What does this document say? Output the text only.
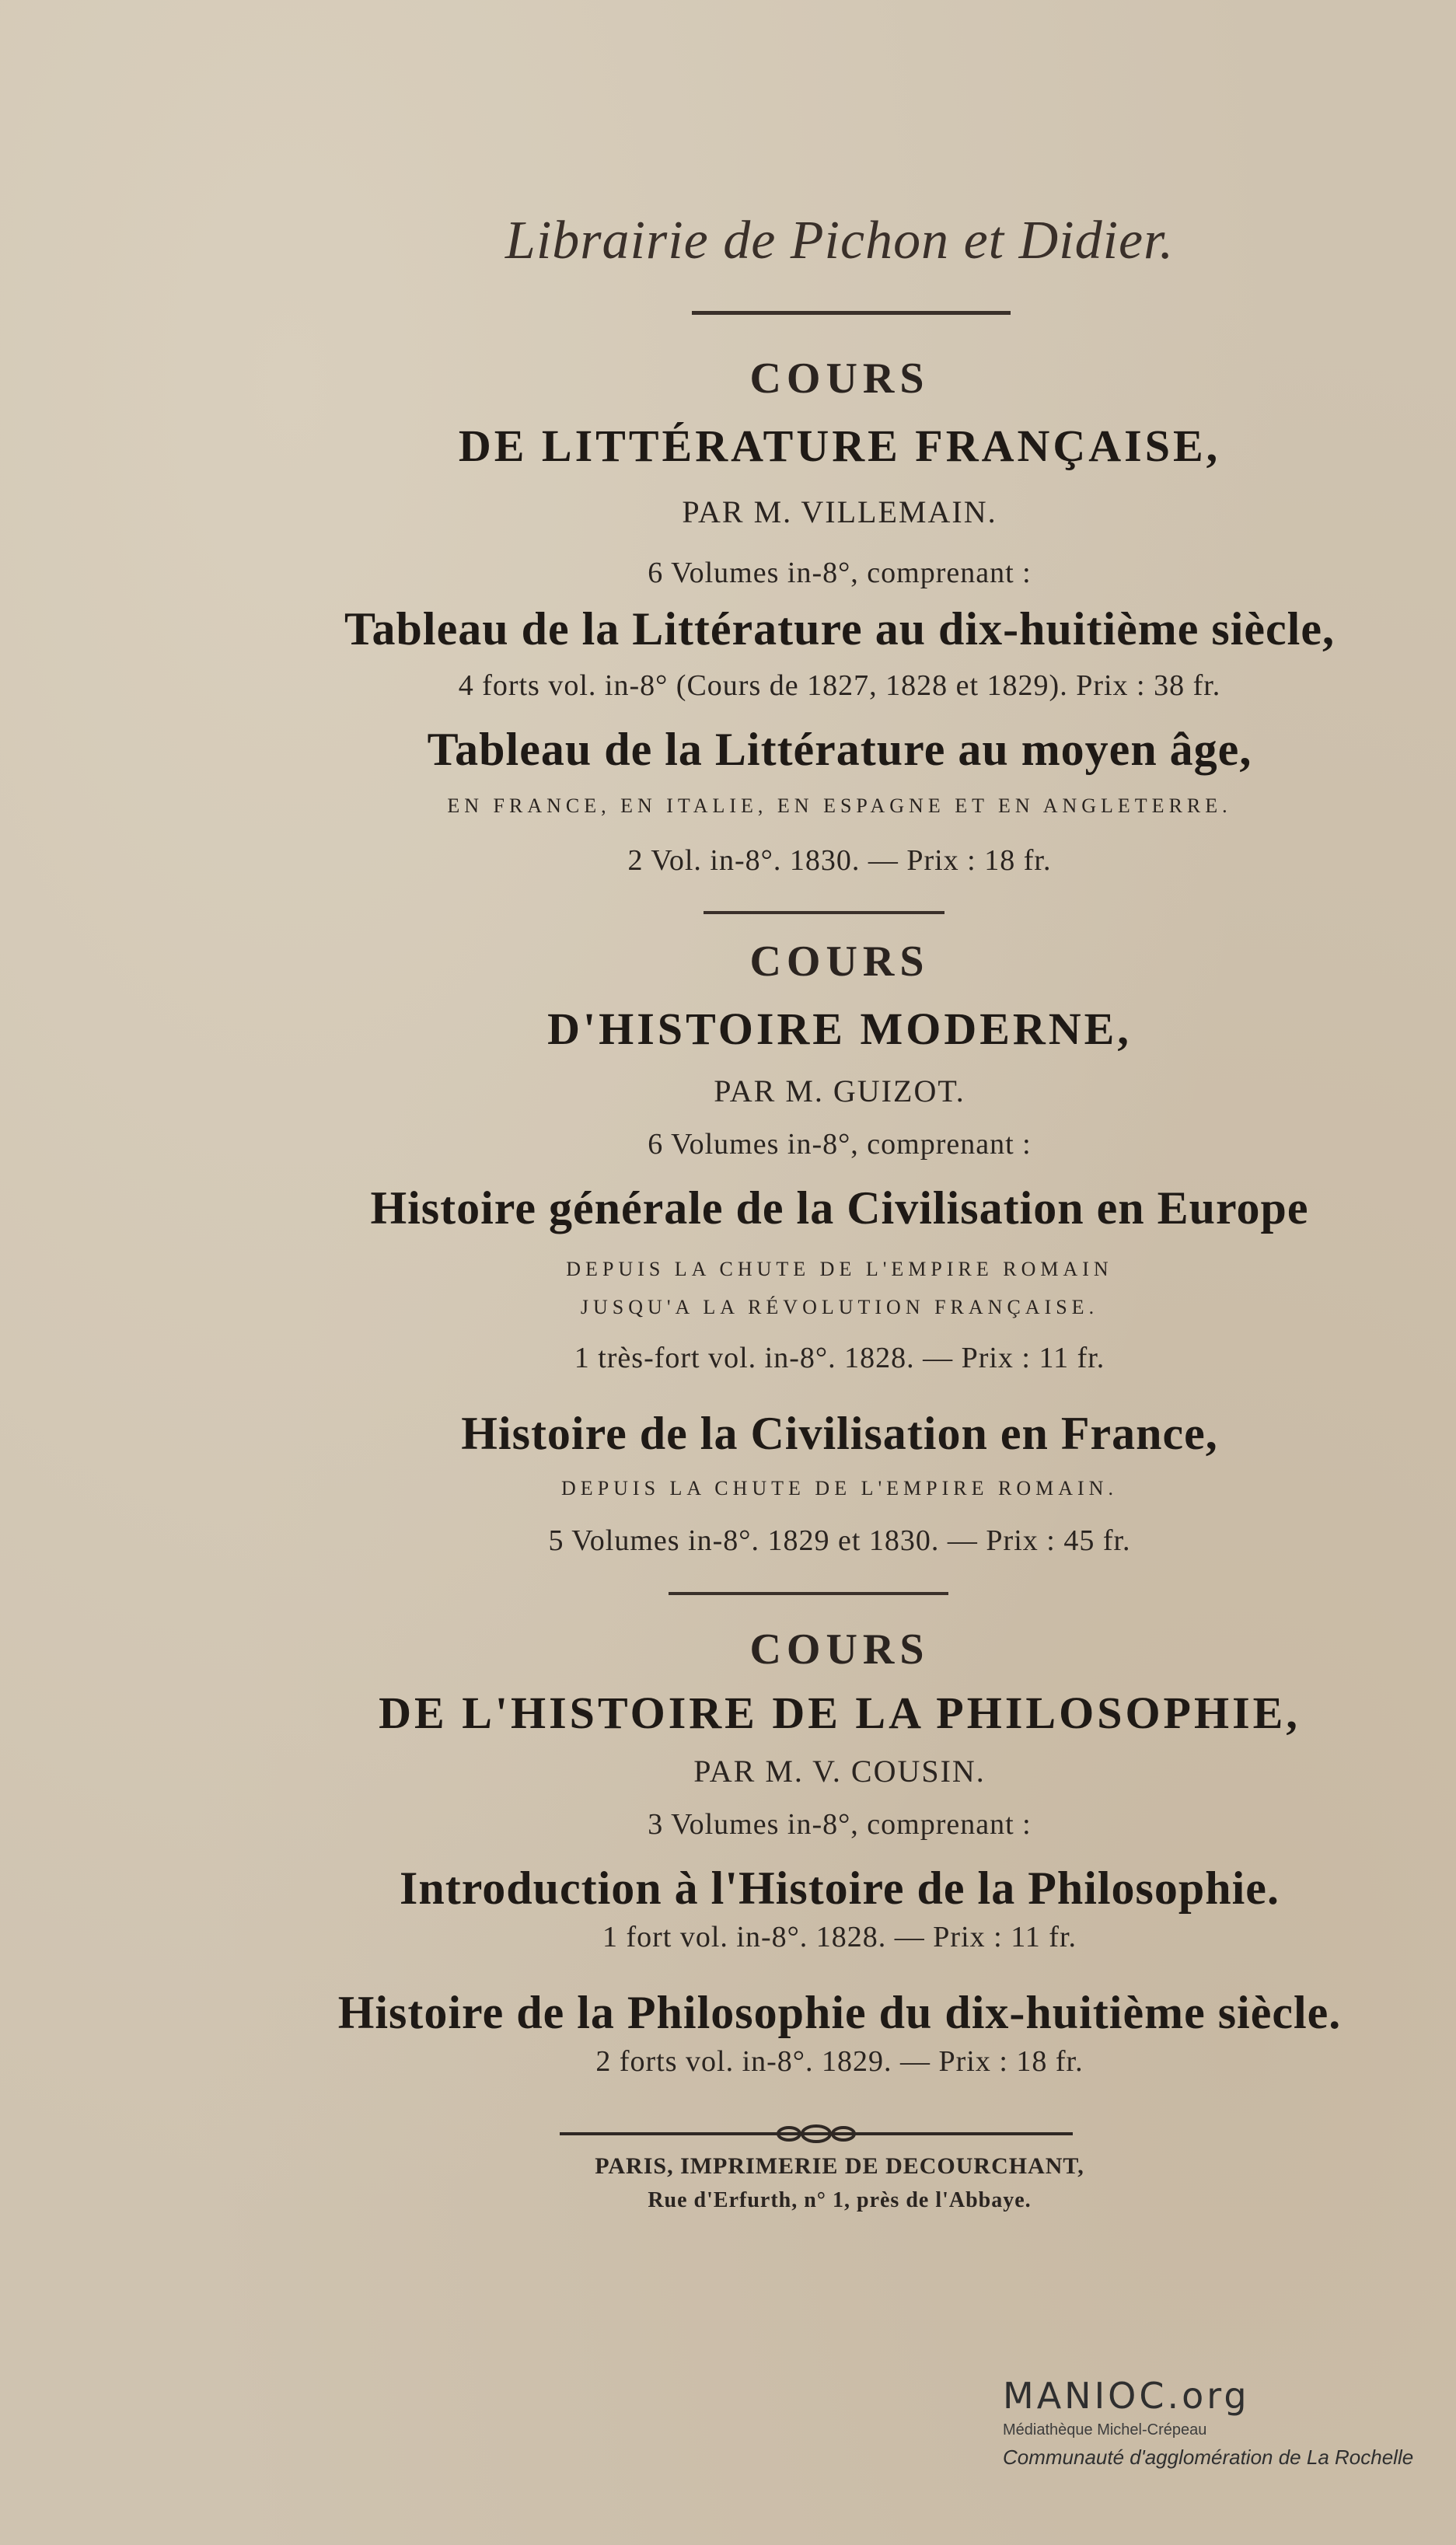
Librairie de Pichon et Didier.
COURS
DE LITTÉRATURE FRANÇAISE,
PAR M. VILLEMAIN.
6 Volumes in-8°, comprenant :
Tableau de la Littérature au dix-huitième siècle,
4 forts vol. in-8° (Cours de 1827, 1828 et 1829). Prix : 38 fr.
Tableau de la Littérature au moyen âge,
EN FRANCE, EN ITALIE, EN ESPAGNE ET EN ANGLETERRE.
2 Vol. in-8°. 1830. — Prix : 18 fr.
COURS
D'HISTOIRE MODERNE,
PAR M. GUIZOT.
6 Volumes in-8°, comprenant :
Histoire générale de la Civilisation en Europe
DEPUIS LA CHUTE DE L'EMPIRE ROMAIN
JUSQU'A LA RÉVOLUTION FRANÇAISE.
1 très-fort vol. in-8°. 1828. — Prix : 11 fr.
Histoire de la Civilisation en France,
DEPUIS LA CHUTE DE L'EMPIRE ROMAIN.
5 Volumes in-8°. 1829 et 1830. — Prix : 45 fr.
COURS
DE L'HISTOIRE DE LA PHILOSOPHIE,
PAR M. V. COUSIN.
3 Volumes in-8°, comprenant :
Introduction à l'Histoire de la Philosophie.
1 fort vol. in-8°. 1828. — Prix : 11 fr.
Histoire de la Philosophie du dix-huitième siècle.
2 forts vol. in-8°. 1829. — Prix : 18 fr.
PARIS, IMPRIMERIE DE DECOURCHANT,
Rue d'Erfurth, n° 1, près de l'Abbaye.
MANIOC.org
Médiathèque Michel-Crépeau
Communauté d'agglomération de La Rochelle
